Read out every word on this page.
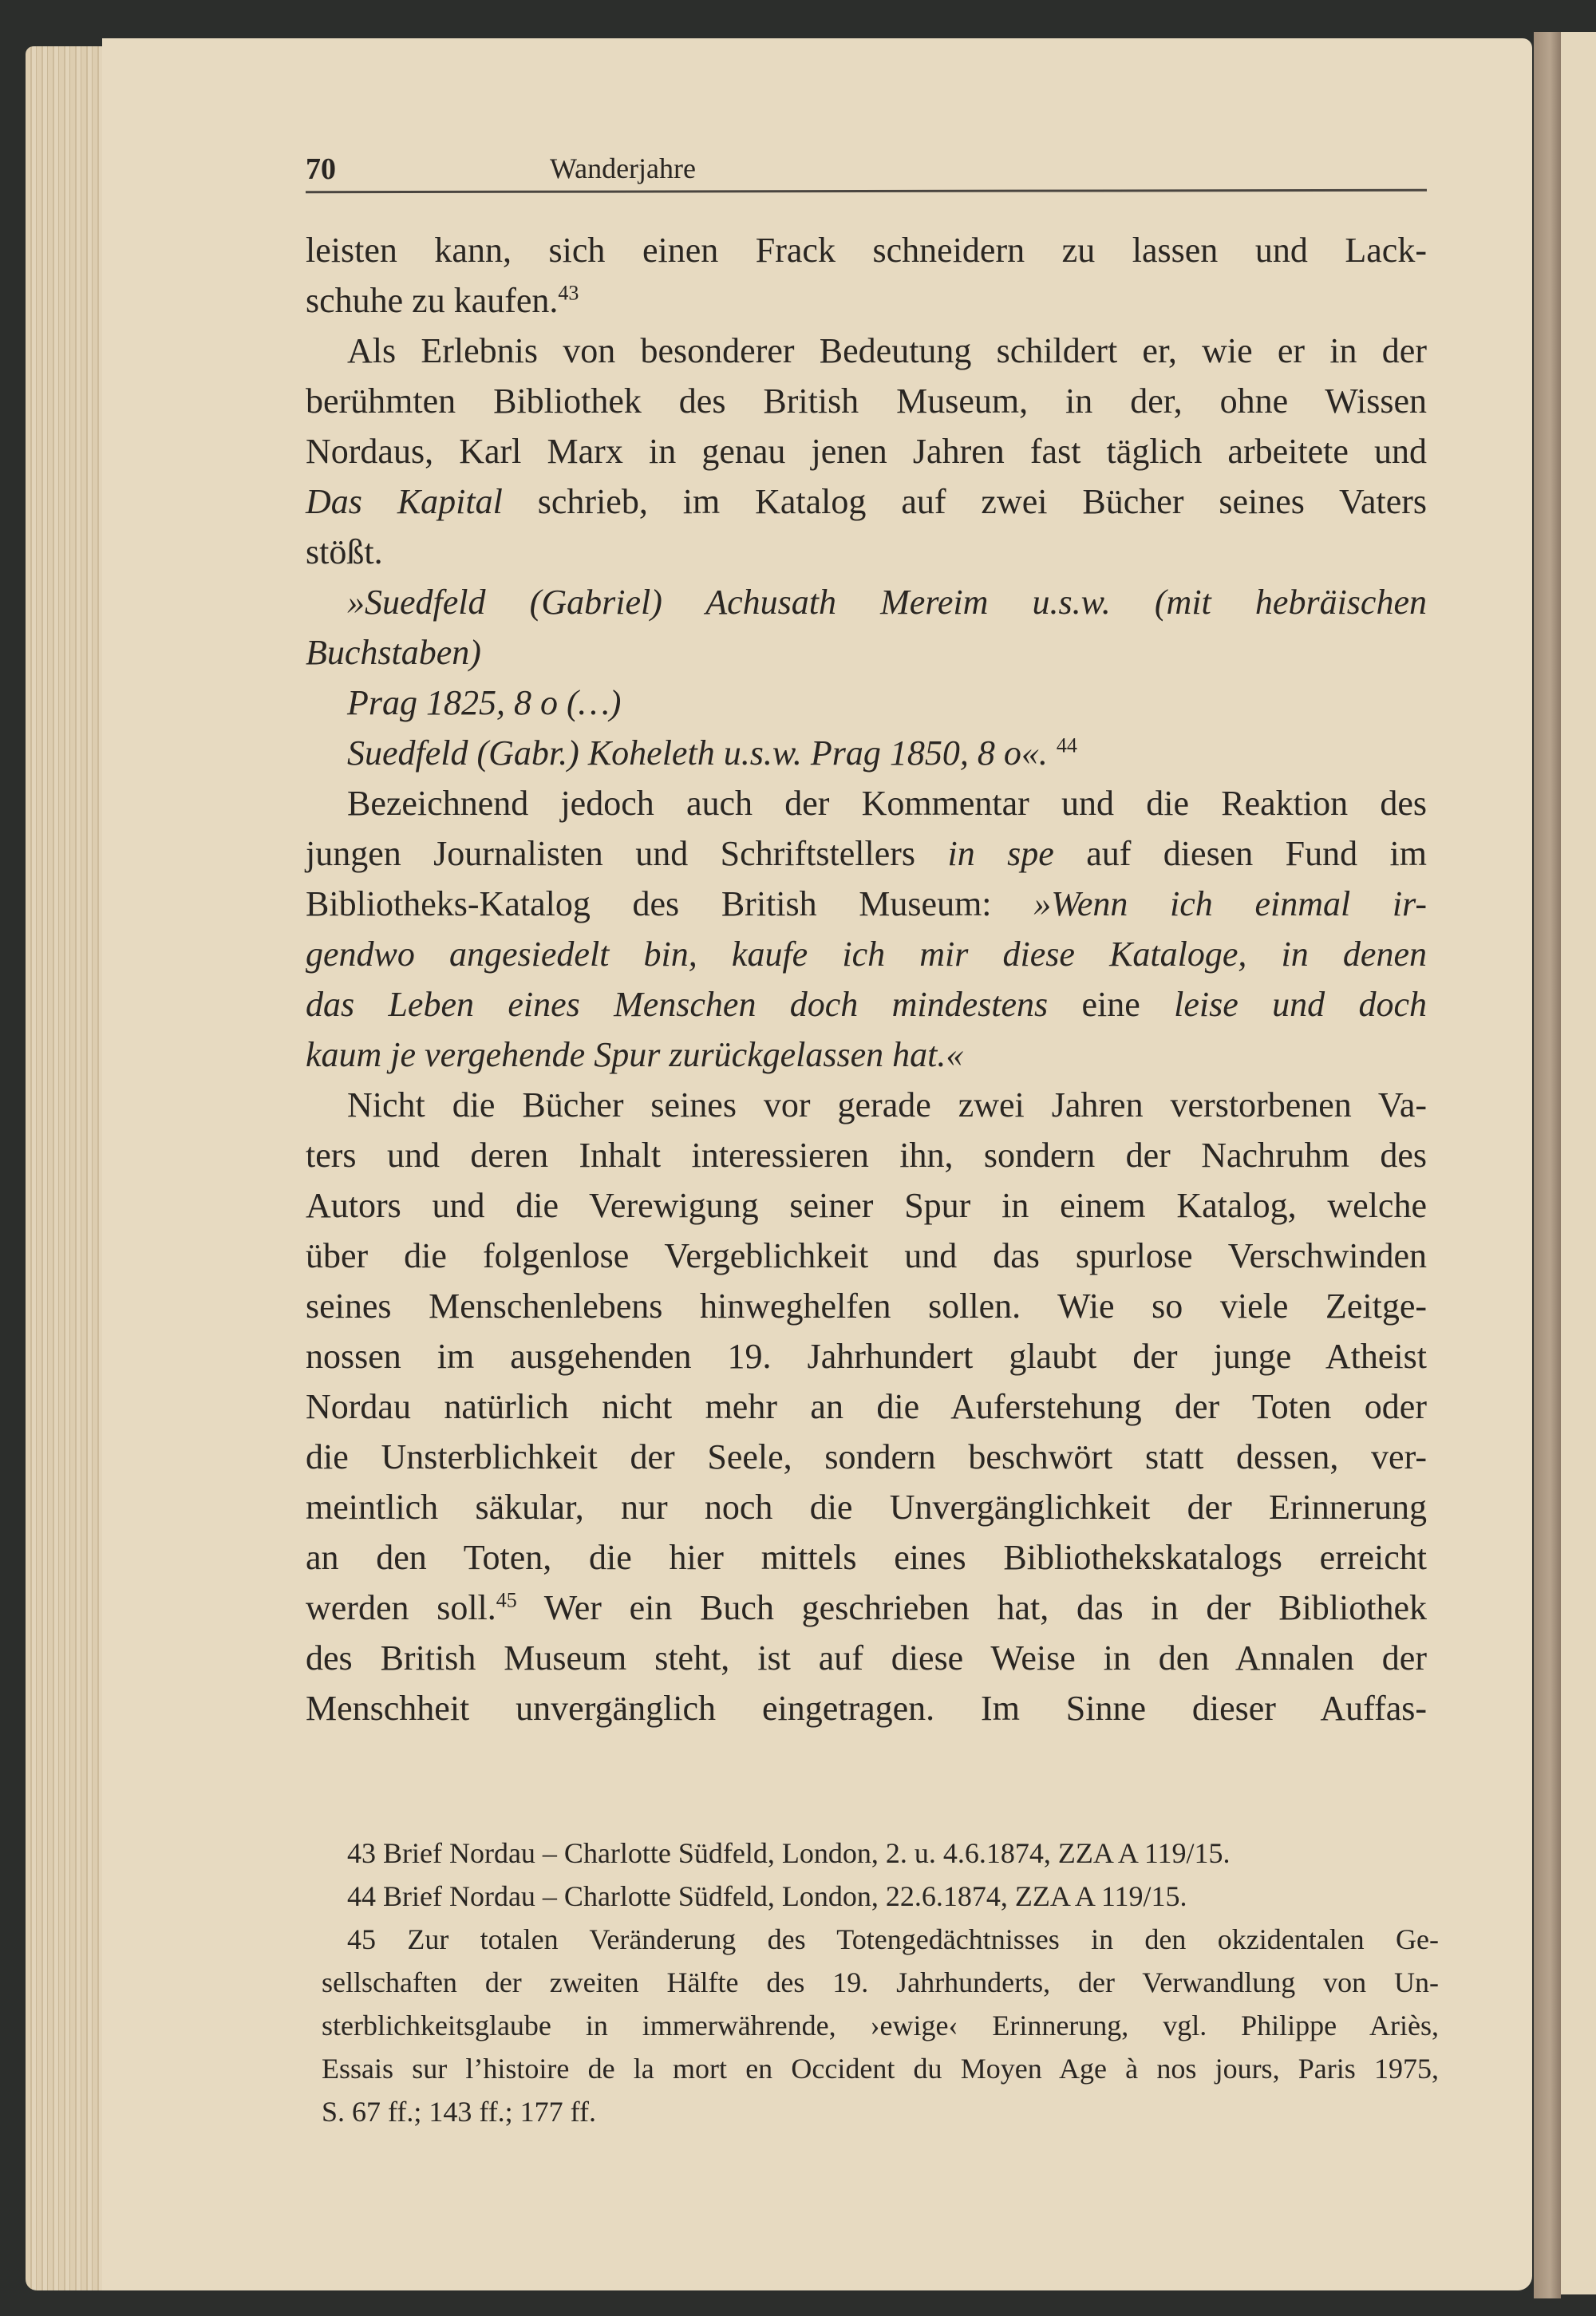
70	Wanderjahre
leisten kann, sich einen Frack schneidern zu lassen und Lack-
schuhe zu kaufen.$^{43}$
Als Erlebnis von besonderer Bedeutung schildert er, wie er in der
berühmten Bibliothek des British Museum, in der, ohne Wissen
Nordaus, Karl Marx in genau jenen Jahren fast täglich arbeitete und
Das Kapital schrieb, im Katalog auf zwei Bücher seines Vaters
stößt.
»Suedfeld (Gabriel) Achusath Mereim u.s.w. (mit hebräischen
Buchstaben)
Prag 1825, 8 o (…)
Suedfeld (Gabr.) Koheleth u.s.w. Prag 1850, 8 o«. $^{44}$
Bezeichnend jedoch auch der Kommentar und die Reaktion des
jungen Journalisten und Schriftstellers in spe auf diesen Fund im
Bibliotheks-Katalog des British Museum: »Wenn ich einmal ir-
gendwo angesiedelt bin, kaufe ich mir diese Kataloge, in denen
das Leben eines Menschen doch mindestens eine leise und doch
kaum je vergehende Spur zurückgelassen hat.«
Nicht die Bücher seines vor gerade zwei Jahren verstorbenen Va-
ters und deren Inhalt interessieren ihn, sondern der Nachruhm des
Autors und die Verewigung seiner Spur in einem Katalog, welche
über die folgenlose Vergeblichkeit und das spurlose Verschwinden
seines Menschenlebens hinweghelfen sollen. Wie so viele Zeitge-
nossen im ausgehenden 19. Jahrhundert glaubt der junge Atheist
Nordau natürlich nicht mehr an die Auferstehung der Toten oder
die Unsterblichkeit der Seele, sondern beschwört statt dessen, ver-
meintlich säkular, nur noch die Unvergänglichkeit der Erinnerung
an den Toten, die hier mittels eines Bibliothekskatalogs erreicht
werden soll.$^{45}$ Wer ein Buch geschrieben hat, das in der Bibliothek
des British Museum steht, ist auf diese Weise in den Annalen der
Menschheit unvergänglich eingetragen. Im Sinne dieser Auffas-
43 Brief Nordau – Charlotte Südfeld, London, 2. u. 4.6.1874, ZZA A 119/15.
44 Brief Nordau – Charlotte Südfeld, London, 22.6.1874, ZZA A 119/15.
45 Zur totalen Veränderung des Totengedächtnisses in den okzidentalen Ge-
sellschaften der zweiten Hälfte des 19. Jahrhunderts, der Verwandlung von Un-
sterblichkeitsglaube in immerwährende, ›ewige‹ Erinnerung, vgl. Philippe Ariès,
Essais sur l’histoire de la mort en Occident du Moyen Age à nos jours, Paris 1975,
S. 67 ff.; 143 ff.; 177 ff.
